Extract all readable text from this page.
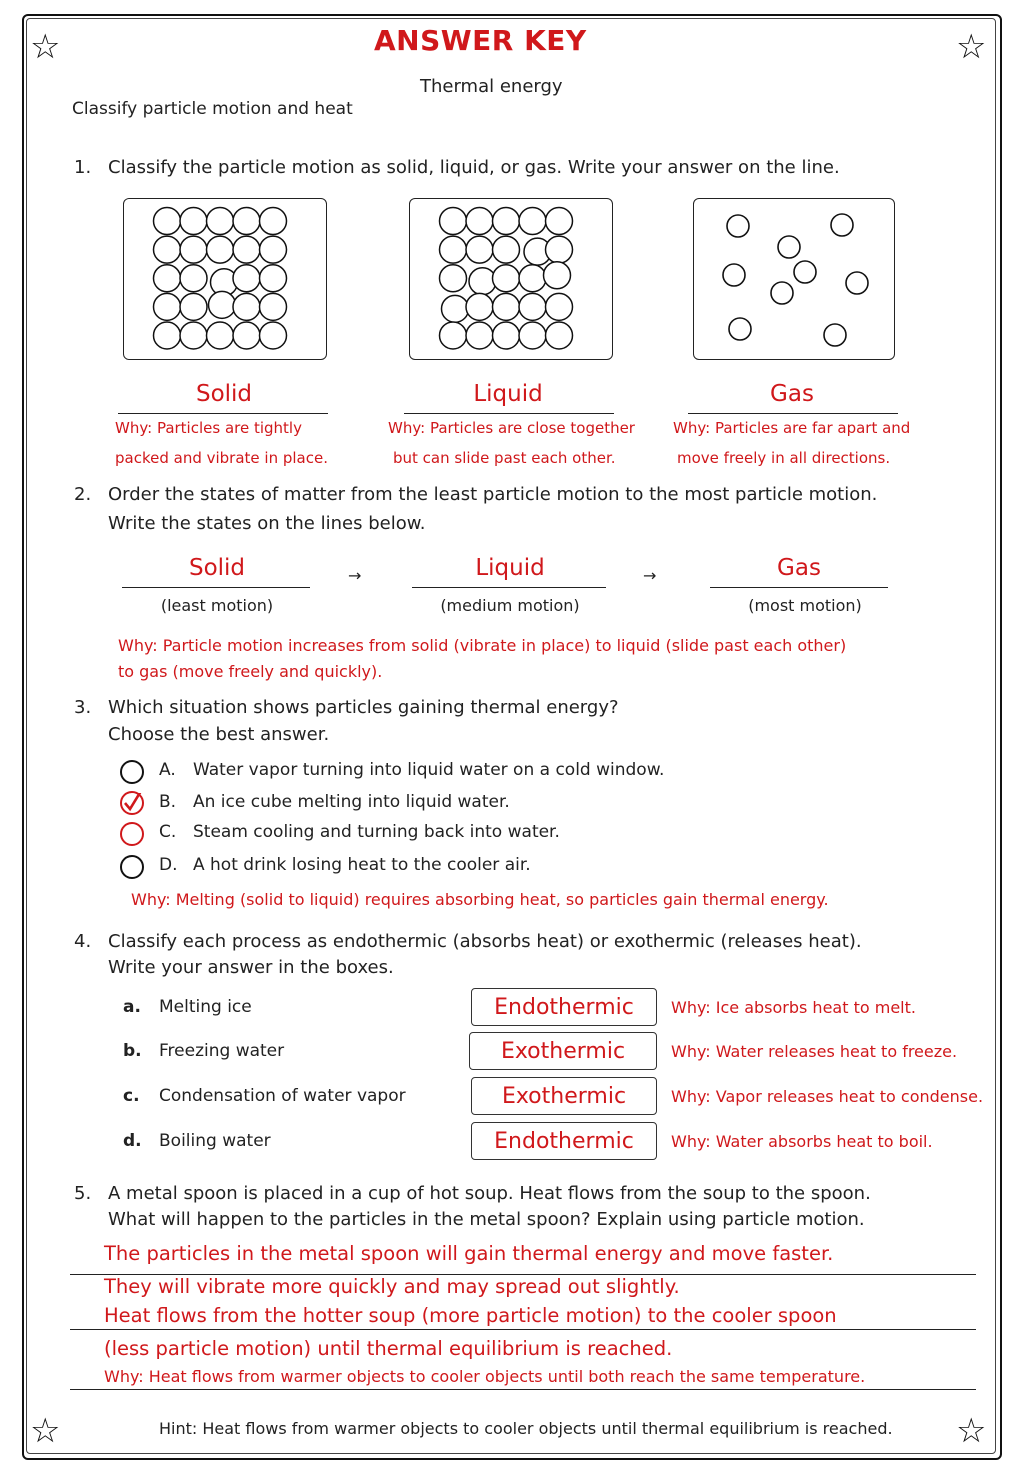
☆	☆
☆	☆
ANSWER KEY
Thermal energy
Classify particle motion and heat
1. Classify the particle motion as solid, liquid, or gas. Write your answer on the line.
Solid	Liquid	Gas
Why: Particles are tightly
packed and vibrate in place.
Why: Particles are close together
but can slide past each other.
Why: Particles are far apart and
move freely in all directions.
2. Order the states of matter from the least particle motion to the most particle motion.
Write the states on the lines below.
Solid
(least motion)
→	Liquid
(medium motion)
→	Gas
(most motion)
Why: Particle motion increases from solid (vibrate in place) to liquid (slide past each other)
to gas (move freely and quickly).
3. Which situation shows particles gaining thermal energy?
Choose the best answer.
A. Water vapor turning into liquid water on a cold window.
B. An ice cube melting into liquid water.
C. Steam cooling and turning back into water.
D. A hot drink losing heat to the cooler air.
Why: Melting (solid to liquid) requires absorbing heat, so particles gain thermal energy.
4. Classify each process as endothermic (absorbs heat) or exothermic (releases heat).
Write your answer in the boxes.
a. Melting ice	Endothermic	Why: Ice absorbs heat to melt.
b. Freezing water	Exothermic	Why: Water releases heat to freeze.
c. Condensation of water vapor	Exothermic	Why: Vapor releases heat to condense.
d. Boiling water	Endothermic	Why: Water absorbs heat to boil.
5. A metal spoon is placed in a cup of hot soup. Heat flows from the soup to the spoon.
What will happen to the particles in the metal spoon? Explain using particle motion.
The particles in the metal spoon will gain thermal energy and move faster.
They will vibrate more quickly and may spread out slightly.
Heat flows from the hotter soup (more particle motion) to the cooler spoon
(less particle motion) until thermal equilibrium is reached.
Why: Heat flows from warmer objects to cooler objects until both reach the same temperature.
Hint: Heat flows from warmer objects to cooler objects until thermal equilibrium is reached.
